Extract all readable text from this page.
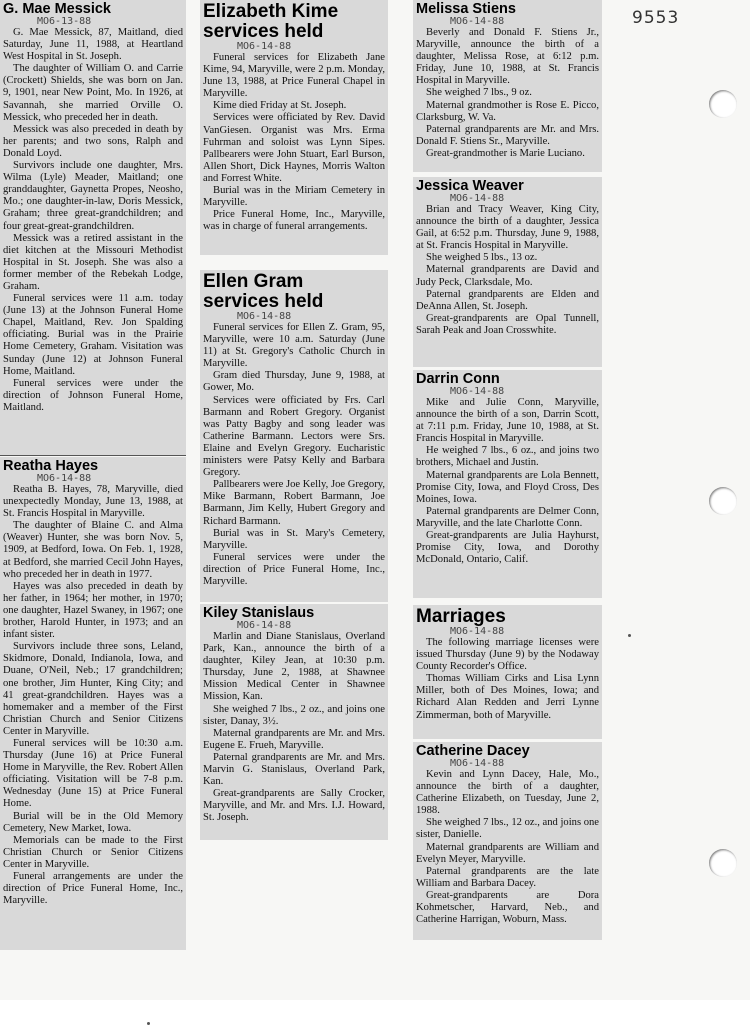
9553
G. Mae Messick
MO6-13-88

G. Mae Messick, 87, Maitland, died Saturday, June 11, 1988, at Heartland West Hospital in St. Joseph.

The daughter of William O. and Carrie (Crockett) Shields, she was born on Jan. 9, 1901, near New Point, Mo. In 1926, at Savannah, she married Orville O. Messick, who preceded her in death.

Messick was also preceded in death by her parents; and two sons, Ralph and Donald Loyd.

Survivors include one daughter, Mrs. Wilma (Lyle) Meader, Maitland; one granddaughter, Gaynetta Propes, Neosho, Mo.; one daughter-in-law, Doris Messick, Graham; three great-grandchildren; and four great-great-grandchildren.

Messick was a retired assistant in the diet kitchen at the Missouri Methodist Hospital in St. Joseph. She was also a former member of the Rebekah Lodge, Graham.

Funeral services were 11 a.m. today (June 13) at the Johnson Funeral Home Chapel, Maitland, Rev. Jon Spalding officiating. Burial was in the Prairie Home Cemetery, Graham. Visitation was Sunday (June 12) at Johnson Funeral Home, Maitland.

Funeral services were under the direction of Johnson Funeral Home, Maitland.

Reatha Hayes
MO6-14-88

Reatha B. Hayes, 78, Maryville, died unexpectedly Monday, June 13, 1988, at St. Francis Hospital in Maryville.

The daughter of Blaine C. and Alma (Weaver) Hunter, she was born Nov. 5, 1909, at Bedford, Iowa. On Feb. 1, 1928, at Bedford, she married Cecil John Hayes, who preceded her in death in 1977.

Hayes was also preceded in death by her father, in 1964; her mother, in 1970; one daughter, Hazel Swaney, in 1967; one brother, Harold Hunter, in 1973; and an infant sister.

Survivors include three sons, Leland, Skidmore, Donald, Indianola, Iowa, and Duane, O'Neil, Neb.; 17 grandchildren; one brother, Jim Hunter, King City; and 41 great-grandchildren. Hayes was a homemaker and a member of the First Christian Church and Senior Citizens Center in Maryville.

Funeral services will be 10:30 a.m. Thursday (June 16) at Price Funeral Home in Maryville, the Rev. Robert Allen officiating. Visitation will be 7-8 p.m. Wednesday (June 15) at Price Funeral Home.

Burial will be in the Old Memory Cemetery, New Market, Iowa.

Memorials can be made to the First Christian Church or Senior Citizens Center in Maryville.

Funeral arrangements are under the direction of Price Funeral Home, Inc., Maryville.

Elizabeth Kime
services held
MO6-14-88

Funeral services for Elizabeth Jane Kime, 94, Maryville, were 2 p.m. Monday, June 13, 1988, at Price Funeral Chapel in Maryville.

Kime died Friday at St. Joseph.

Services were officiated by Rev. David VanGiesen. Organist was Mrs. Erma Fuhrman and soloist was Lynn Sipes. Pallbearers were John Stuart, Earl Burson, Allen Short, Dick Haynes, Morris Walton and Forrest White.

Burial was in the Miriam Cemetery in Maryville.

Price Funeral Home, Inc., Maryville, was in charge of funeral arrangements.

Ellen Gram
services held
MO6-14-88

Funeral services for Ellen Z. Gram, 95, Maryville, were 10 a.m. Saturday (June 11) at St. Gregory's Catholic Church in Maryville.

Gram died Thursday, June 9, 1988, at Gower, Mo.

Services were officiated by Frs. Carl Barmann and Robert Gregory. Organist was Patty Bagby and song leader was Catherine Barmann. Lectors were Srs. Elaine and Evelyn Gregory. Eucharistic ministers were Patsy Kelly and Barbara Gregory.

Pallbearers were Joe Kelly, Joe Gregory, Mike Barmann, Robert Barmann, Joe Barmann, Jim Kelly, Hubert Gregory and Richard Barmann.

Burial was in St. Mary's Cemetery, Maryville.

Funeral services were under the direction of Price Funeral Home, Inc., Maryville.

Kiley Stanislaus
MO6-14-88

Marlin and Diane Stanislaus, Overland Park, Kan., announce the birth of a daughter, Kiley Jean, at 10:30 p.m. Thursday, June 2, 1988, at Shawnee Mission Medical Center in Shawnee Mission, Kan.

She weighed 7 lbs., 2 oz., and joins one sister, Danay, 3½.

Maternal grandparents are Mr. and Mrs. Eugene E. Frueh, Maryville.

Paternal grandparents are Mr. and Mrs. Marvin G. Stanislaus, Overland Park, Kan.

Great-grandparents are Sally Crocker, Maryville, and Mr. and Mrs. I.J. Howard, St. Joseph.

Melissa Stiens
MO6-14-88

Beverly and Donald F. Stiens Jr., Maryville, announce the birth of a daughter, Melissa Rose, at 6:12 p.m. Friday, June 10, 1988, at St. Francis Hospital in Maryville.

She weighed 7 lbs., 9 oz.

Maternal grandmother is Rose E. Picco, Clarksburg, W. Va.

Paternal grandparents are Mr. and Mrs. Donald F. Stiens Sr., Maryville.

Great-grandmother is Marie Luciano.

Jessica Weaver
MO6-14-88

Brian and Tracy Weaver, King City, announce the birth of a daughter, Jessica Gail, at 6:52 p.m. Thursday, June 9, 1988, at St. Francis Hospital in Maryville.

She weighed 5 lbs., 13 oz.

Maternal grandparents are David and Judy Peck, Clarksdale, Mo.

Paternal grandparents are Elden and DeAnna Allen, St. Joseph.

Great-grandparents are Opal Tunnell, Sarah Peak and Joan Crosswhite.

Darrin Conn
MO6-14-88

Mike and Julie Conn, Maryville, announce the birth of a son, Darrin Scott, at 7:11 p.m. Friday, June 10, 1988, at St. Francis Hospital in Maryville.

He weighed 7 lbs., 6 oz., and joins two brothers, Michael and Justin.

Maternal grandparents are Lola Bennett, Promise City, Iowa, and Floyd Cross, Des Moines, Iowa.

Paternal grandparents are Delmer Conn, Maryville, and the late Charlotte Conn.

Great-grandparents are Julia Hayhurst, Promise City, Iowa, and Dorothy McDonald, Ontario, Calif.

Marriages
MO6-14-88

The following marriage licenses were issued Thursday (June 9) by the Nodaway County Recorder's Office.

Thomas William Cirks and Lisa Lynn Miller, both of Des Moines, Iowa; and Richard Alan Redden and Jerri Lynne Zimmerman, both of Maryville.

Catherine Dacey
MO6-14-88

Kevin and Lynn Dacey, Hale, Mo., announce the birth of a daughter, Catherine Elizabeth, on Tuesday, June 2, 1988.

She weighed 7 lbs., 12 oz., and joins one sister, Danielle.

Maternal grandparents are William and Evelyn Meyer, Maryville.

Paternal grandparents are the late William and Barbara Dacey.

Great-grandparents are Dora Kohmetscher, Harvard, Neb., and Catherine Harrigan, Woburn, Mass.
